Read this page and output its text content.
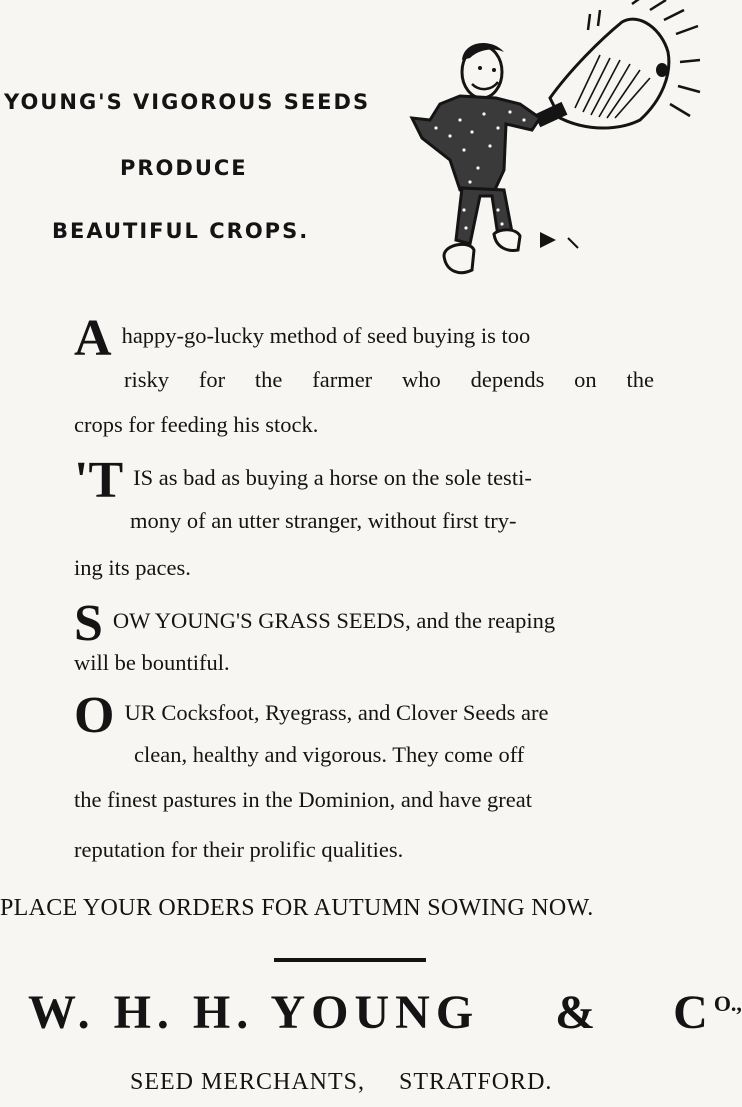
YOUNG'S VIGOROUS SEEDS
PRODUCE
BEAUTIFUL CROPS.
A happy-go-lucky method of seed buying is too
risky for the farmer who depends on the
crops for feeding his stock.
'T IS as bad as buying a horse on the sole testi-
mony of an utter stranger, without first try-
ing its paces.
S OW YOUNG'S GRASS SEEDS, and the reaping
will be bountiful.
O UR Cocksfoot, Ryegrass, and Clover Seeds are
clean, healthy and vigorous. They come off
the finest pastures in the Dominion, and have great
reputation for their prolific qualities.
PLACE YOUR ORDERS FOR AUTUMN SOWING NOW.
W. H. H. YOUNG & $C^{O.,}$
SEED MERCHANTS, STRATFORD.
